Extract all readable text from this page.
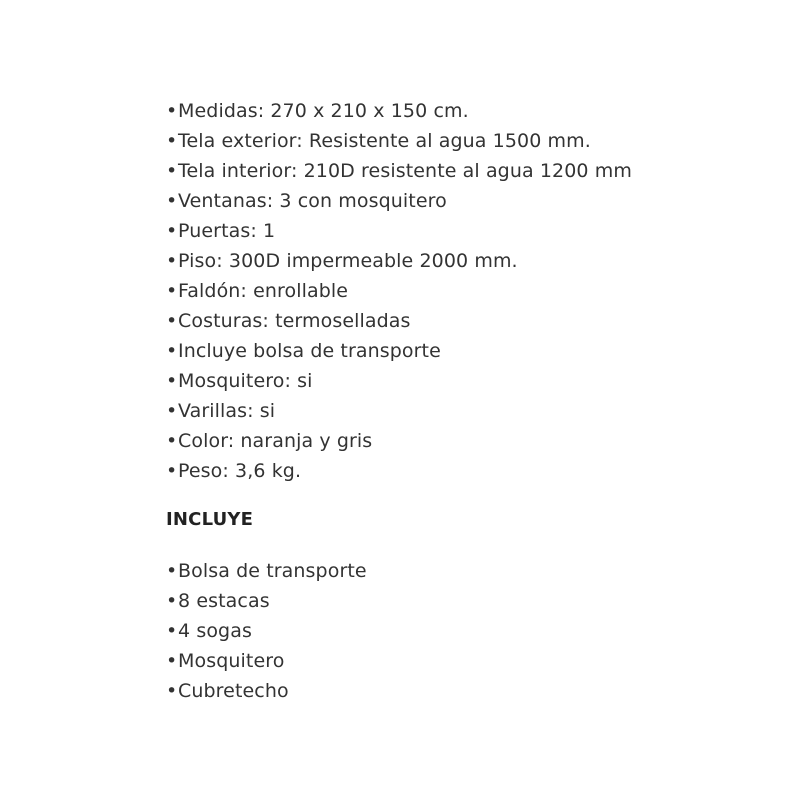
•Medidas: 270 x 210 x 150 cm.
•Tela exterior: Resistente al agua 1500 mm.
•Tela interior: 210D resistente al agua 1200 mm
•Ventanas: 3 con mosquitero
•Puertas: 1
•Piso: 300D impermeable 2000 mm.
•Faldón: enrollable
•Costuras: termoselladas
•Incluye bolsa de transporte
•Mosquitero: si
•Varillas: si
•Color: naranja y gris
•Peso: 3,6 kg.
INCLUYE
•Bolsa de transporte
•8 estacas
•4 sogas
•Mosquitero
•Cubretecho
